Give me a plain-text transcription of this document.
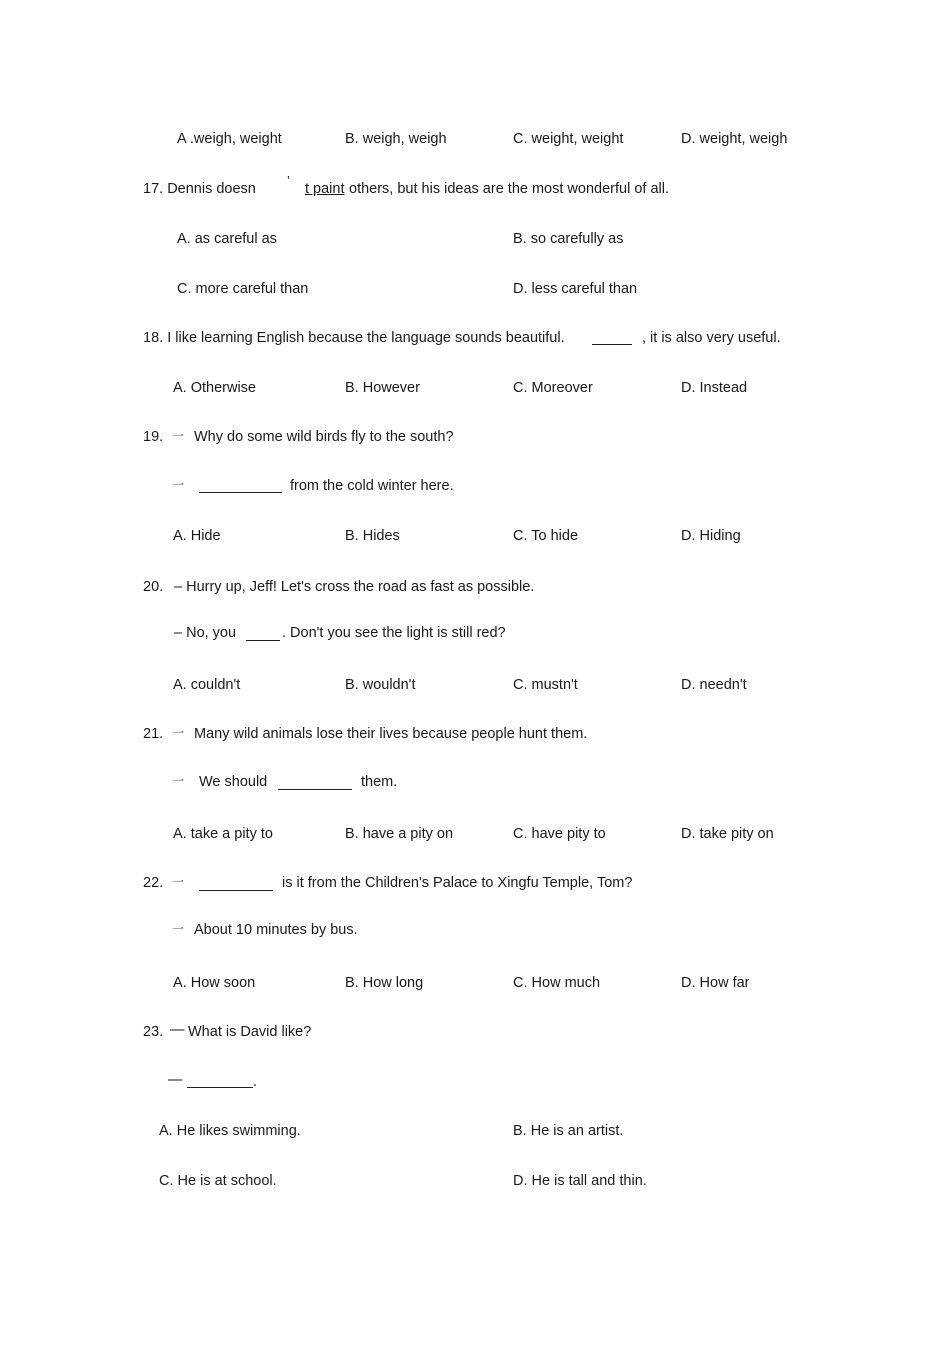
A .weigh, weight	B. weigh, weigh	C. weight, weight	D. weight, weigh
17. Dennis doesn
’
t paint others, but his ideas are the most wonderful of all.
A. as careful as	B. so carefully as
C. more careful than	D. less careful than
18. I like learning English because the language sounds beautiful.	, it is also very useful.
A. Otherwise	B. However	C. Moreover	D. Instead
19. 一 Why do some wild birds fly to the south?
一	from the cold winter here.
A. Hide	B. Hides	C. To hide	D. Hiding
20. – Hurry up, Jeff! Let's cross the road as fast as possible.
– No, you	. Don't you see the light is still red?
A. couldn't	B. wouldn't	C. mustn't	D. needn't
21. 一 Many wild animals lose their lives because people hunt them.
一 We should	them.
A. take a pity to	B. have a pity on	C. have pity to	D. take pity on
22. 一	is it from the Children's Palace to Xingfu Temple, Tom?
一 About 10 minutes by bus.
A. How soon	B. How long	C. How much	D. How far
23. — What is David like?
—	.
A. He likes swimming.	B. He is an artist.
C. He is at school.	D. He is tall and thin.
